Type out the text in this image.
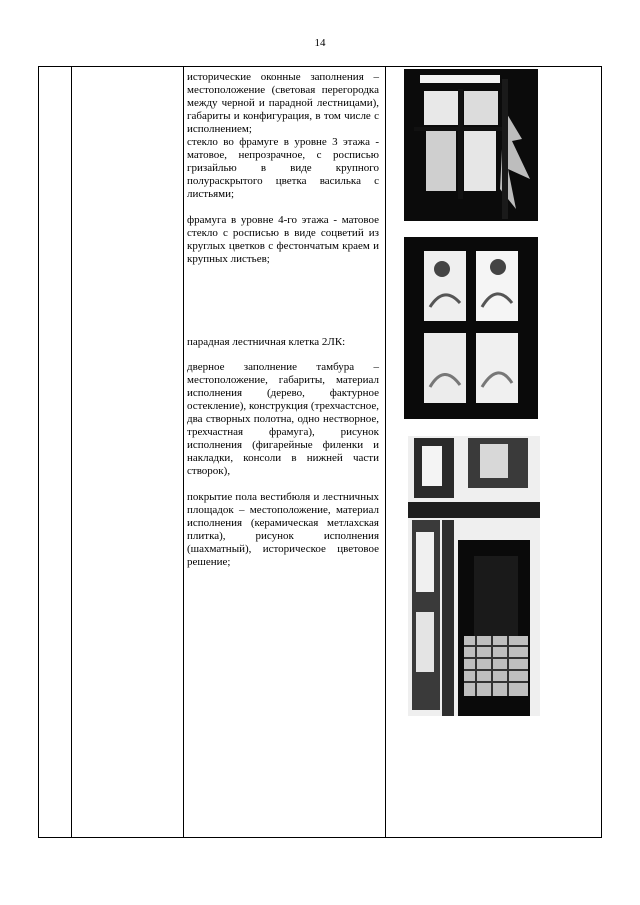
14

исторические оконные заполнения – местоположение (световая перегородка между черной и парадной лестницами), габариты и конфигурация, в том числе с исполнением;

стекло во фрамуге в уровне 3 этажа - матовое, непрозрачное, с росписью гризайлью в виде крупного полураскрытого цветка василька с листьями;

фрамуга в уровне 4-го этажа - матовое стекло с росписью в виде соцветий из круглых цветков с фестончатым краем и крупных листьев;

парадная лестничная клетка 2ЛК:

дверное заполнение тамбура – местоположение, габариты, материал исполнения (дерево, фактурное остекление), конструкция (трехчастсное, два створных полотна, одно нестворное, трехчастная фрамуга), рисунок исполнения (фигарейные филенки и накладки, консоли в нижней части створок),

покрытие пола вестибюля и лестничных площадок – местоположение, материал исполнения (керамическая метлахская плитка), рисунок исполнения (шахматный), историческое цветовое решение;
